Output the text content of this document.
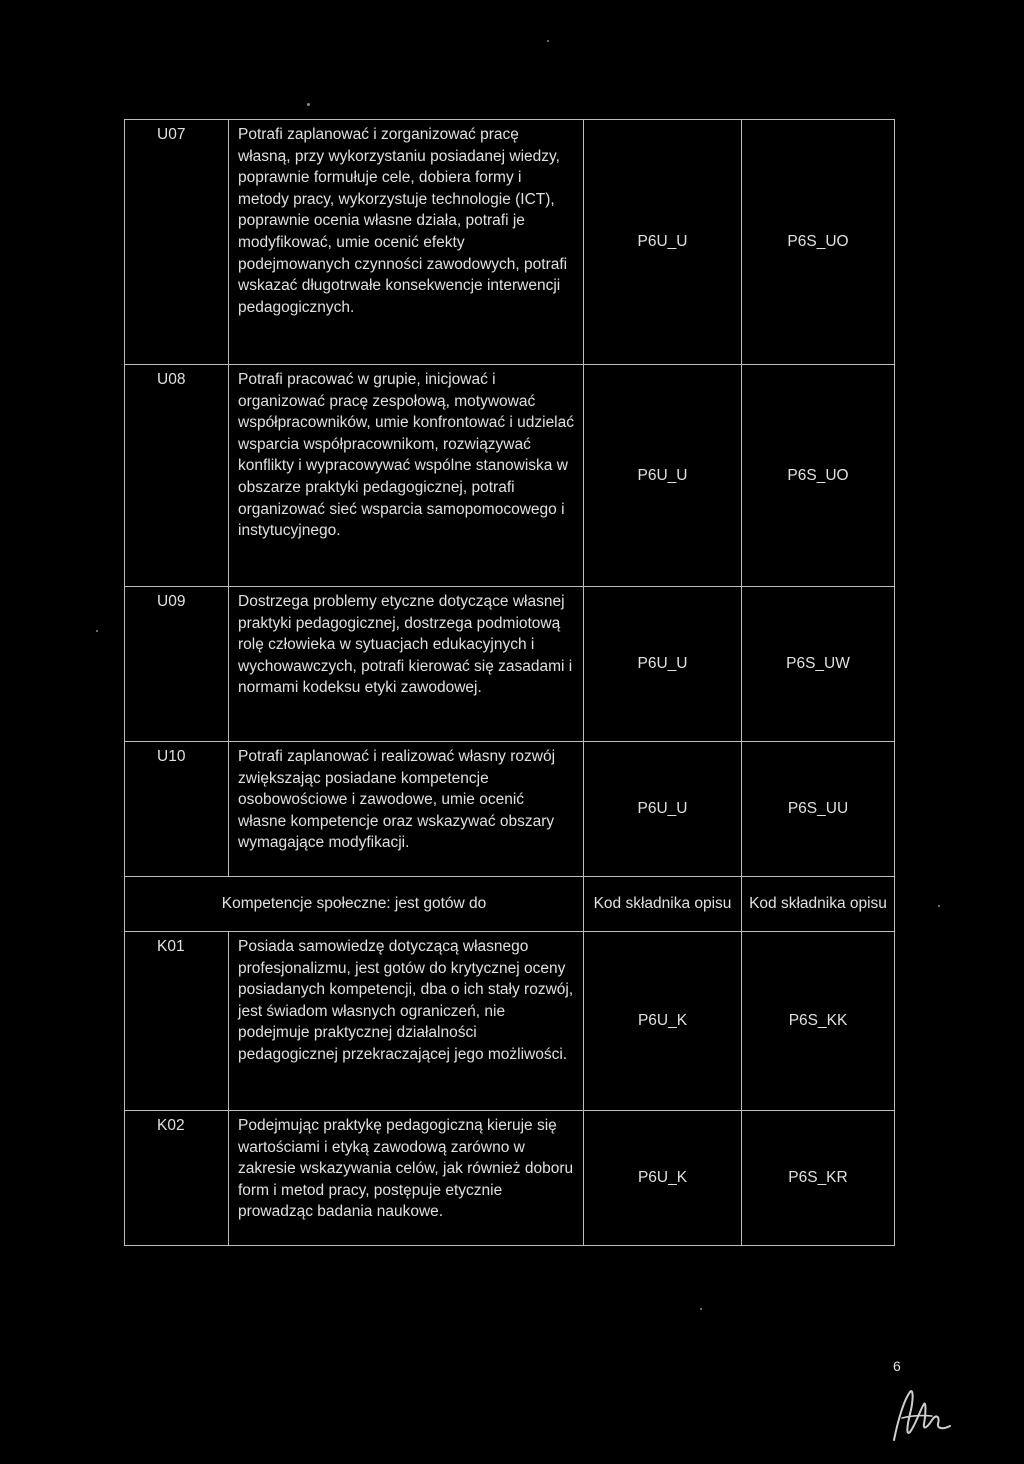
U07	Potrafi zaplanować i zorganizować pracę własną, przy wykorzystaniu posiadanej wiedzy, poprawnie formułuje cele, dobiera formy i metody pracy, wykorzystuje technologie (ICT), poprawnie ocenia własne działa, potrafi je modyfikować, umie ocenić efekty podejmowanych czynności zawodowych, potrafi wskazać długotrwałe konsekwencje interwencji pedagogicznych.	P6U_U	P6S_UO
U08	Potrafi pracować w grupie, inicjować i organizować pracę zespołową, motywować współpracowników, umie konfrontować i udzielać wsparcia współpracownikom, rozwiązywać konflikty i wypracowywać wspólne stanowiska w obszarze praktyki pedagogicznej, potrafi organizować sieć wsparcia samopomocowego i instytucyjnego.	P6U_U	P6S_UO
U09	Dostrzega problemy etyczne dotyczące własnej praktyki pedagogicznej, dostrzega podmiotową rolę człowieka w sytuacjach edukacyjnych i wychowawczych, potrafi kierować się zasadami i normami kodeksu etyki zawodowej.	P6U_U	P6S_UW
U10	Potrafi zaplanować i realizować własny rozwój zwiększając posiadane kompetencje osobowościowe i zawodowe, umie ocenić własne kompetencje oraz wskazywać obszary wymagające modyfikacji.	P6U_U	P6S_UU
Kompetencje społeczne: jest gotów do		Kod składnika opisu	Kod składnika opisu
K01	Posiada samowiedzę dotyczącą własnego profesjonalizmu, jest gotów do krytycznej oceny posiadanych kompetencji, dba o ich stały rozwój, jest świadom własnych ograniczeń, nie podejmuje praktycznej działalności pedagogicznej przekraczającej jego możliwości.	P6U_K	P6S_KK
K02	Podejmując praktykę pedagogiczną kieruje się wartościami i etyką zawodową zarówno w zakresie wskazywania celów, jak również doboru form i metod pracy, postępuje etycznie prowadząc badania naukowe.	P6U_K	P6S_KR
6
